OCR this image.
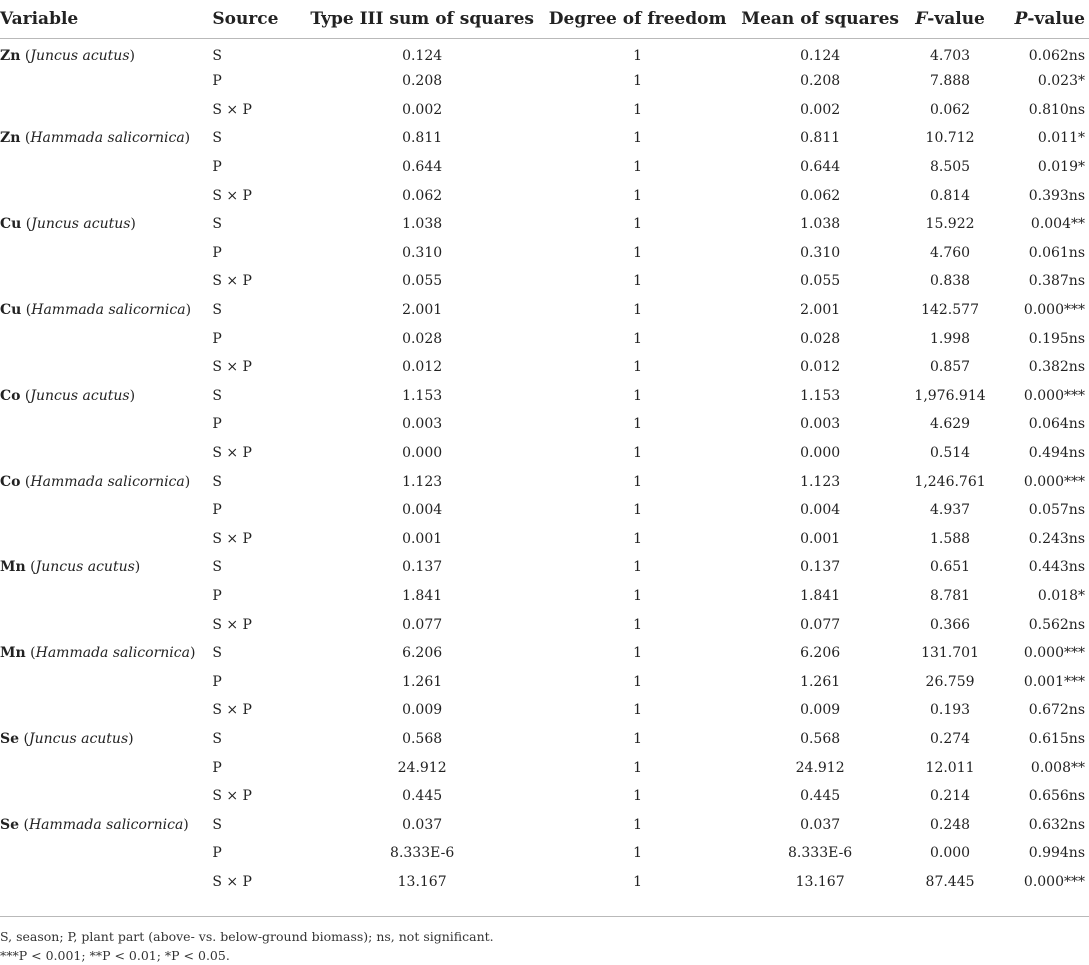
Variable	Source	Type III sum of squares	Degree of freedom	Mean of squares	F-value	P-value
Zn (Juncus acutus)	S	0.124	1	0.124	4.703	0.062ns
	P	0.208	1	0.208	7.888	0.023*
	S × P	0.002	1	0.002	0.062	0.810ns
Zn (Hammada salicornica)	S	0.811	1	0.811	10.712	0.011*
	P	0.644	1	0.644	8.505	0.019*
	S × P	0.062	1	0.062	0.814	0.393ns
Cu (Juncus acutus)	S	1.038	1	1.038	15.922	0.004**
	P	0.310	1	0.310	4.760	0.061ns
	S × P	0.055	1	0.055	0.838	0.387ns
Cu (Hammada salicornica)	S	2.001	1	2.001	142.577	0.000***
	P	0.028	1	0.028	1.998	0.195ns
	S × P	0.012	1	0.012	0.857	0.382ns
Co (Juncus acutus)	S	1.153	1	1.153	1,976.914	0.000***
	P	0.003	1	0.003	4.629	0.064ns
	S × P	0.000	1	0.000	0.514	0.494ns
Co (Hammada salicornica)	S	1.123	1	1.123	1,246.761	0.000***
	P	0.004	1	0.004	4.937	0.057ns
	S × P	0.001	1	0.001	1.588	0.243ns
Mn (Juncus acutus)	S	0.137	1	0.137	0.651	0.443ns
	P	1.841	1	1.841	8.781	0.018*
	S × P	0.077	1	0.077	0.366	0.562ns
Mn (Hammada salicornica)	S	6.206	1	6.206	131.701	0.000***
	P	1.261	1	1.261	26.759	0.001***
	S × P	0.009	1	0.009	0.193	0.672ns
Se (Juncus acutus)	S	0.568	1	0.568	0.274	0.615ns
	P	24.912	1	24.912	12.011	0.008**
	S × P	0.445	1	0.445	0.214	0.656ns
Se (Hammada salicornica)	S	0.037	1	0.037	0.248	0.632ns
	P	8.333E-6	1	8.333E-6	0.000	0.994ns
	S × P	13.167	1	13.167	87.445	0.000***
S, season; P, plant part (above- vs. below-ground biomass); ns, not significant.
***P < 0.001; **P < 0.01; *P < 0.05.
